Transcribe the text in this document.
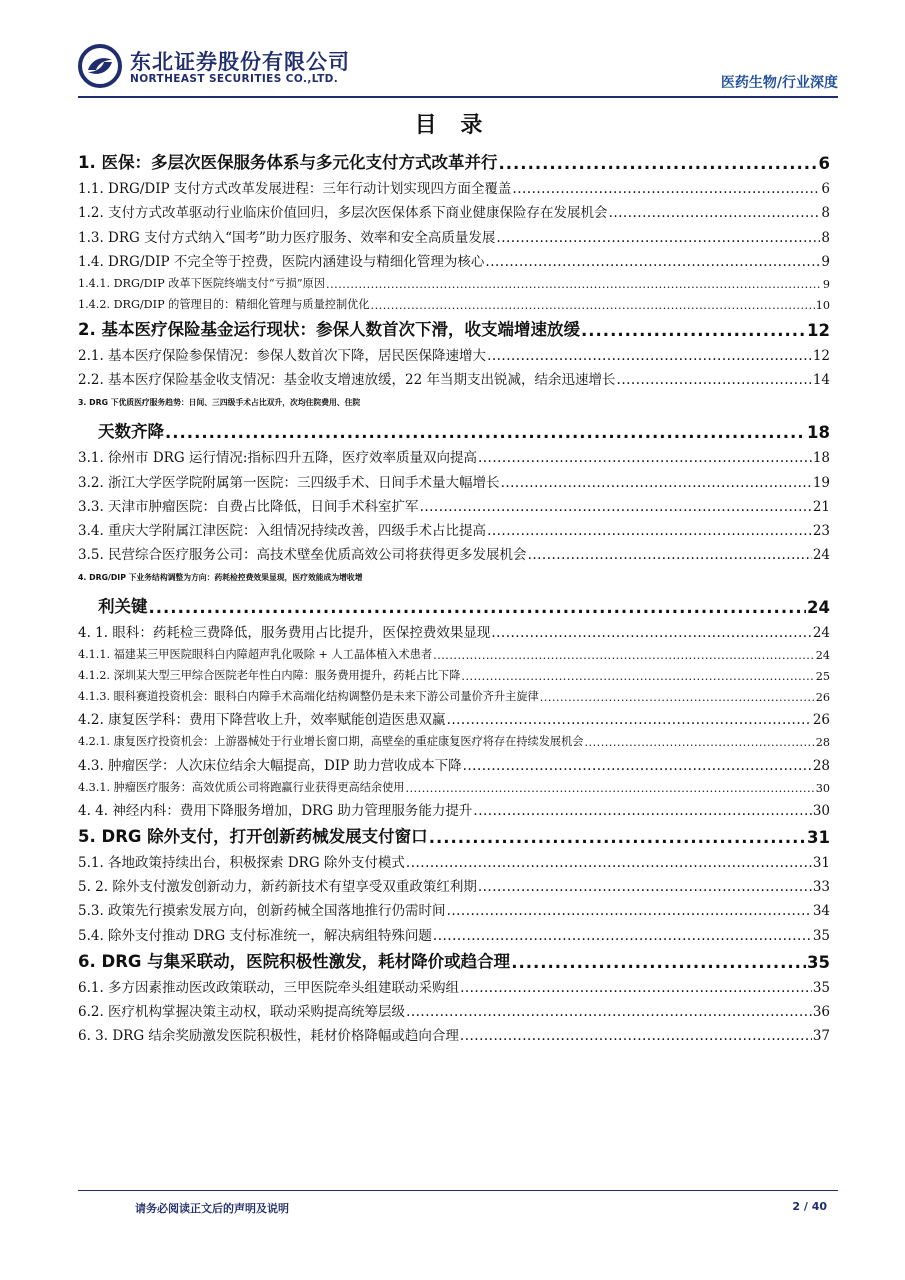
东北证券股份有限公司
NORTHEAST SECURITIES CO.,LTD.	医药生物/行业深度
目 录
1. 医保：多层次医保服务体系与多元化支付方式改革并行 .....	6
1.1. DRG/DIP 支付方式改革发展进程：三年行动计划实现四方面全覆盖 .....	6
1.2. 支付方式改革驱动行业临床价值回归，多层次医保体系下商业健康保险存在发展机会 .....	8
1.3. DRG 支付方式纳入“国考”助力医疗服务、效率和安全高质量发展 .....	8
1.4. DRG/DIP 不完全等于控费，医院内涵建设与精细化管理为核心 .....	9
1.4.1. DRG/DIP 改革下医院终端支付“亏损”原因 .....	9
1.4.2. DRG/DIP 的管理目的：精细化管理与质量控制优化 .....	10
2. 基本医疗保险基金运行现状：参保人数首次下滑，收支端增速放缓 .....	12
2.1. 基本医疗保险参保情况：参保人数首次下降，居民医保降速增大 .....	12
2.2. 基本医疗保险基金收支情况：基金收支增速放缓，22 年当期支出锐减，结余迅速增长 .....	14
3. DRG 下优质医疗服务趋势：日间、三四级手术占比双升，次均住院费用、住院
天数齐降 .....	18
3.1. 徐州市 DRG 运行情况:指标四升五降，医疗效率质量双向提高 .....	18
3.2. 浙江大学医学院附属第一医院：三四级手术、日间手术量大幅增长 .....	19
3.3. 天津市肿瘤医院：自费占比降低，日间手术科室扩军 .....	21
3.4. 重庆大学附属江津医院：入组情况持续改善，四级手术占比提高 .....	23
3.5. 民营综合医疗服务公司：高技术壁垒优质高效公司将获得更多发展机会 .....	24
4. DRG/DIP 下业务结构调整为方向：药耗检控费效果显现，医疗效能成为增收增
利关键 .....	24
4. 1. 眼科：药耗检三费降低，服务费用占比提升，医保控费效果显现 .....	24
4.1.1. 福建某三甲医院眼科白内障超声乳化吸除 + 人工晶体植入术患者 .....	24
4.1.2. 深圳某大型三甲综合医院老年性白内障：服务费用提升，药耗占比下降 .....	25
4.1.3. 眼科赛道投资机会：眼科白内障手术高端化结构调整仍是未来下游公司量价齐升主旋律 .....	26
4.2. 康复医学科：费用下降营收上升，效率赋能创造医患双赢 .....	26
4.2.1. 康复医疗投资机会：上游器械处于行业增长窗口期，高壁垒的重症康复医疗将存在持续发展机会 .....	28
4.3. 肿瘤医学：人次床位结余大幅提高，DIP 助力营收成本下降 .....	28
4.3.1. 肿瘤医疗服务：高效优质公司将跑赢行业获得更高结余使用 .....	30
4. 4. 神经内科：费用下降服务增加，DRG 助力管理服务能力提升 .....	30
5. DRG 除外支付，打开创新药械发展支付窗口 .....	31
5.1. 各地政策持续出台，积极探索 DRG 除外支付模式 .....	31
5. 2. 除外支付激发创新动力，新药新技术有望享受双重政策红利期 .....	33
5.3. 政策先行摸索发展方向，创新药械全国落地推行仍需时间 .....	34
5.4. 除外支付推动 DRG 支付标准统一，解决病组特殊问题 .....	35
6. DRG 与集采联动，医院积极性激发，耗材降价或趋合理 .....	35
6.1. 多方因素推动医改政策联动，三甲医院牵头组建联动采购组 .....	35
6.2. 医疗机构掌握决策主动权，联动采购提高统筹层级 .....	36
6. 3. DRG 结余奖励激发医院积极性，耗材价格降幅或趋向合理 .....	37
请务必阅读正文后的声明及说明	2 / 40
